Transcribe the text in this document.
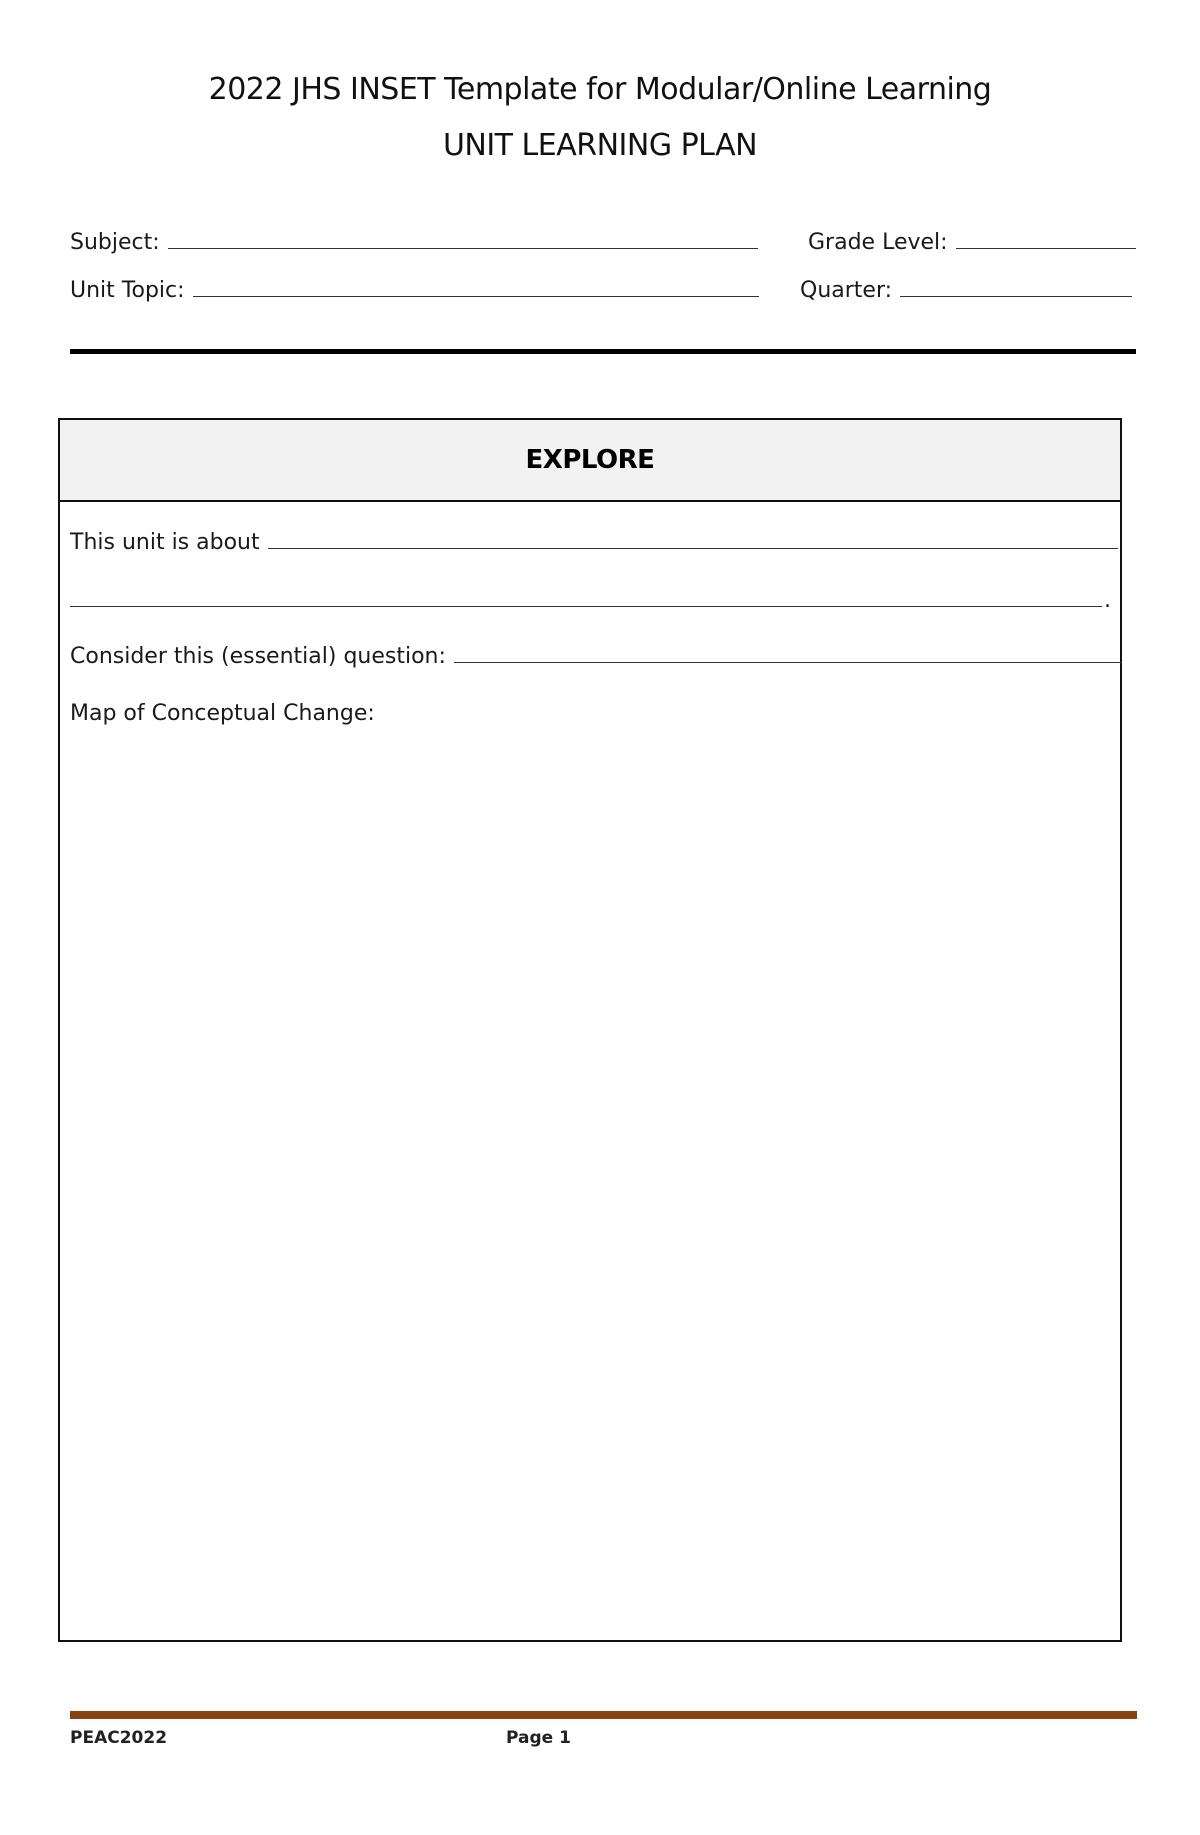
2022 JHS INSET Template for Modular/Online Learning
UNIT LEARNING PLAN
Subject:	Grade Level:
Unit Topic:	Quarter:
EXPLORE
This unit is about
.
Consider this (essential) question:
Map of Conceptual Change:
PEAC2022	Page 1
